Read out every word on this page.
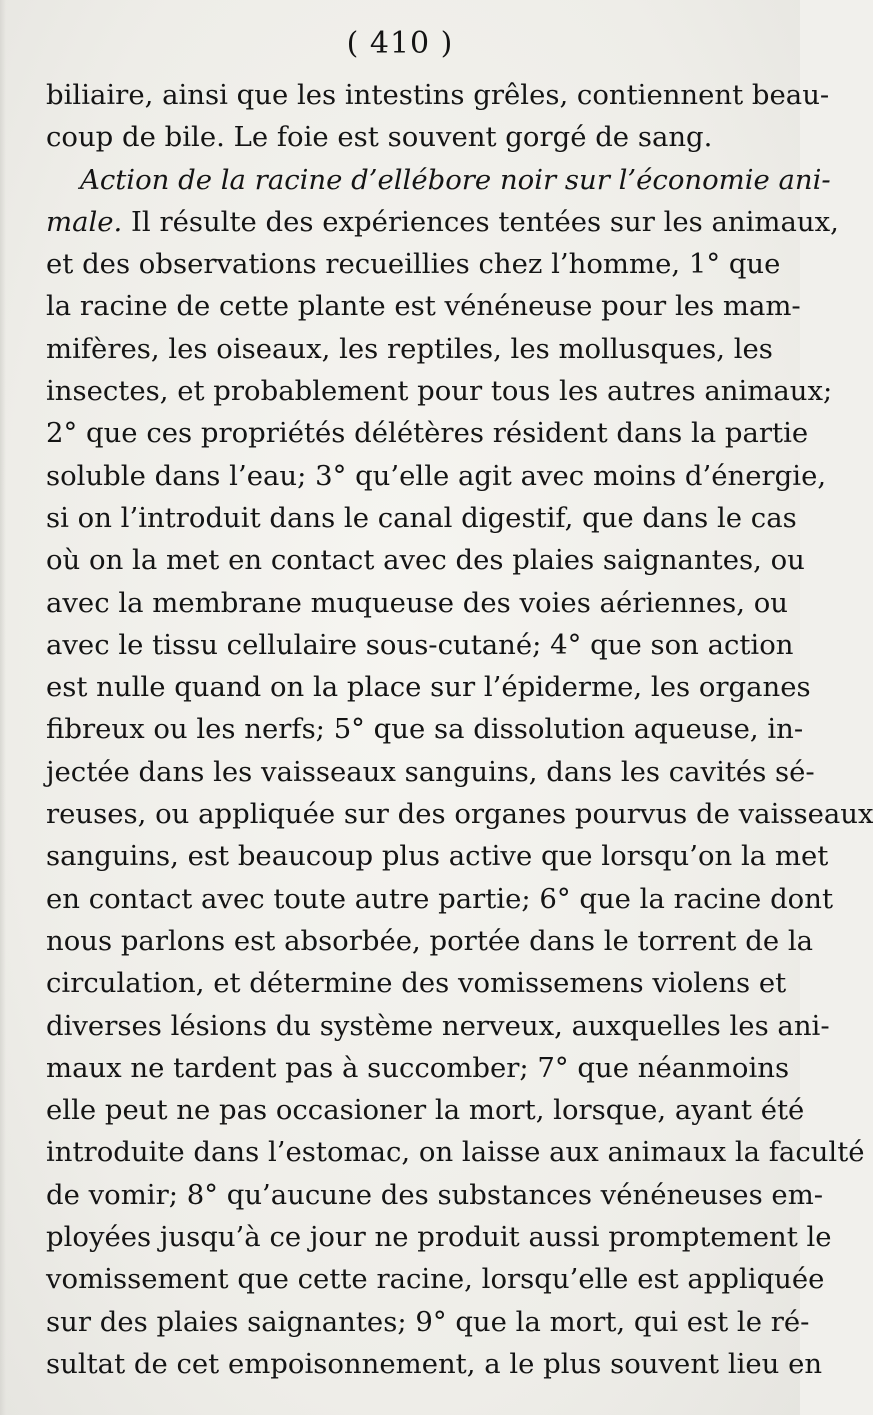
( 410 )
biliaire, ainsi que les intestins grêles, contiennent beau-
coup de bile. Le foie est souvent gorgé de sang.
Action de la racine d’ellébore noir sur l’économie ani-
male. Il résulte des expériences tentées sur les animaux,
et des observations recueillies chez l’homme, 1° que
la racine de cette plante est vénéneuse pour les mam-
mifères, les oiseaux, les reptiles, les mollusques, les
insectes, et probablement pour tous les autres animaux;
2° que ces propriétés délétères résident dans la partie
soluble dans l’eau; 3° qu’elle agit avec moins d’énergie,
si on l’introduit dans le canal digestif, que dans le cas
où on la met en contact avec des plaies saignantes, ou
avec la membrane muqueuse des voies aériennes, ou
avec le tissu cellulaire sous-cutané; 4° que son action
est nulle quand on la place sur l’épiderme, les organes
fibreux ou les nerfs; 5° que sa dissolution aqueuse, in-
jectée dans les vaisseaux sanguins, dans les cavités sé-
reuses, ou appliquée sur des organes pourvus de vaisseaux
sanguins, est beaucoup plus active que lorsqu’on la met
en contact avec toute autre partie; 6° que la racine dont
nous parlons est absorbée, portée dans le torrent de la
circulation, et détermine des vomissemens violens et
diverses lésions du système nerveux, auxquelles les ani-
maux ne tardent pas à succomber; 7° que néanmoins
elle peut ne pas occasioner la mort, lorsque, ayant été
introduite dans l’estomac, on laisse aux animaux la faculté
de vomir; 8° qu’aucune des substances vénéneuses em-
ployées jusqu’à ce jour ne produit aussi promptement le
vomissement que cette racine, lorsqu’elle est appliquée
sur des plaies saignantes; 9° que la mort, qui est le ré-
sultat de cet empoisonnement, a le plus souvent lieu en
